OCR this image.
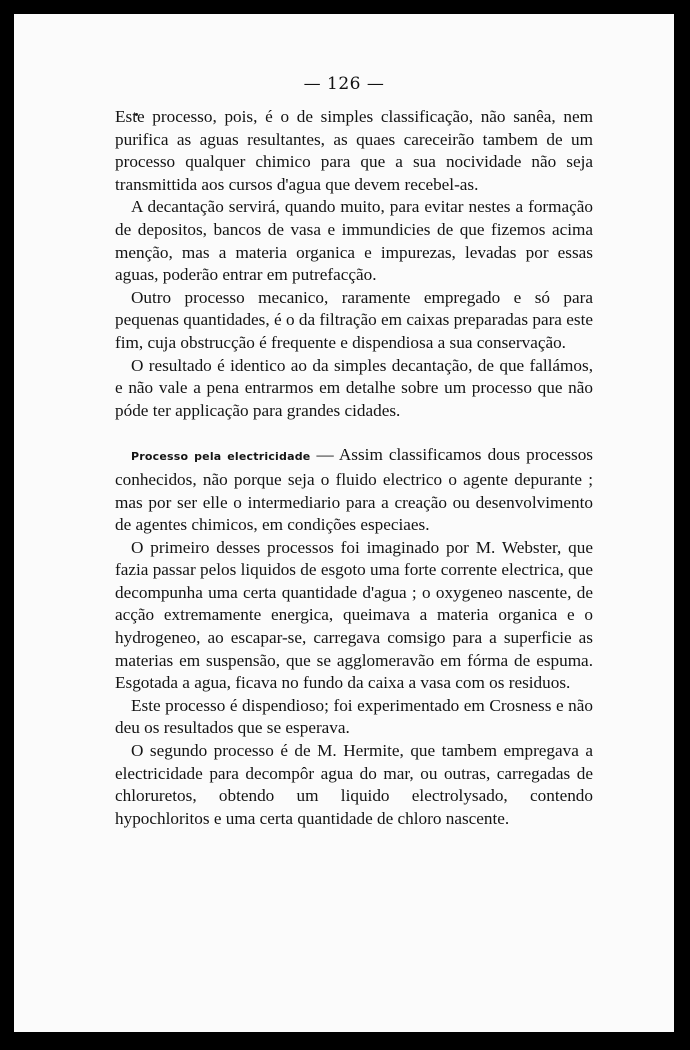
— 126 —

Este processo, pois, é o de simples classificação, não sanêa, nem purifica as aguas resultantes, as quaes careceirão tambem de um processo qualquer chimico para que a sua nocividade não seja transmittida aos cursos d'agua que devem recebel-as.

A decantação servirá, quando muito, para evitar nestes a formação de depositos, bancos de vasa e immundicies de que fizemos acima menção, mas a materia organica e impurezas, levadas por essas aguas, poderão entrar em putrefacção.

Outro processo mecanico, raramente empregado e só para pequenas quantidades, é o da filtração em caixas preparadas para este fim, cuja obstrucção é frequente e dispendiosa a sua conservação.

O resultado é identico ao da simples decantação, de que fallámos, e não vale a pena entrarmos em detalhe sobre um processo que não póde ter applicação para grandes cidades.

Processo pela electricidade — Assim classificamos dous processos conhecidos, não porque seja o fluido electrico o agente depurante ; mas por ser elle o intermediario para a creação ou desenvolvimento de agentes chimicos, em condições especiaes.

O primeiro desses processos foi imaginado por M. Webster, que fazia passar pelos liquidos de esgoto uma forte corrente electrica, que decompunha uma certa quantidade d'agua ; o oxygeneo nascente, de acção extremamente energica, queimava a materia organica e o hydrogeneo, ao escapar-se, carregava comsigo para a superficie as materias em suspensão, que se agglomeravão em fórma de espuma. Esgotada a agua, ficava no fundo da caixa a vasa com os residuos.

Este processo é dispendioso; foi experimentado em Crosness e não deu os resultados que se esperava.

O segundo processo é de M. Hermite, que tambem empregava a electricidade para decompôr agua do mar, ou outras, carregadas de chloruretos, obtendo um liquido electrolysado, contendo hypochloritos e uma certa quantidade de chloro nascente.
